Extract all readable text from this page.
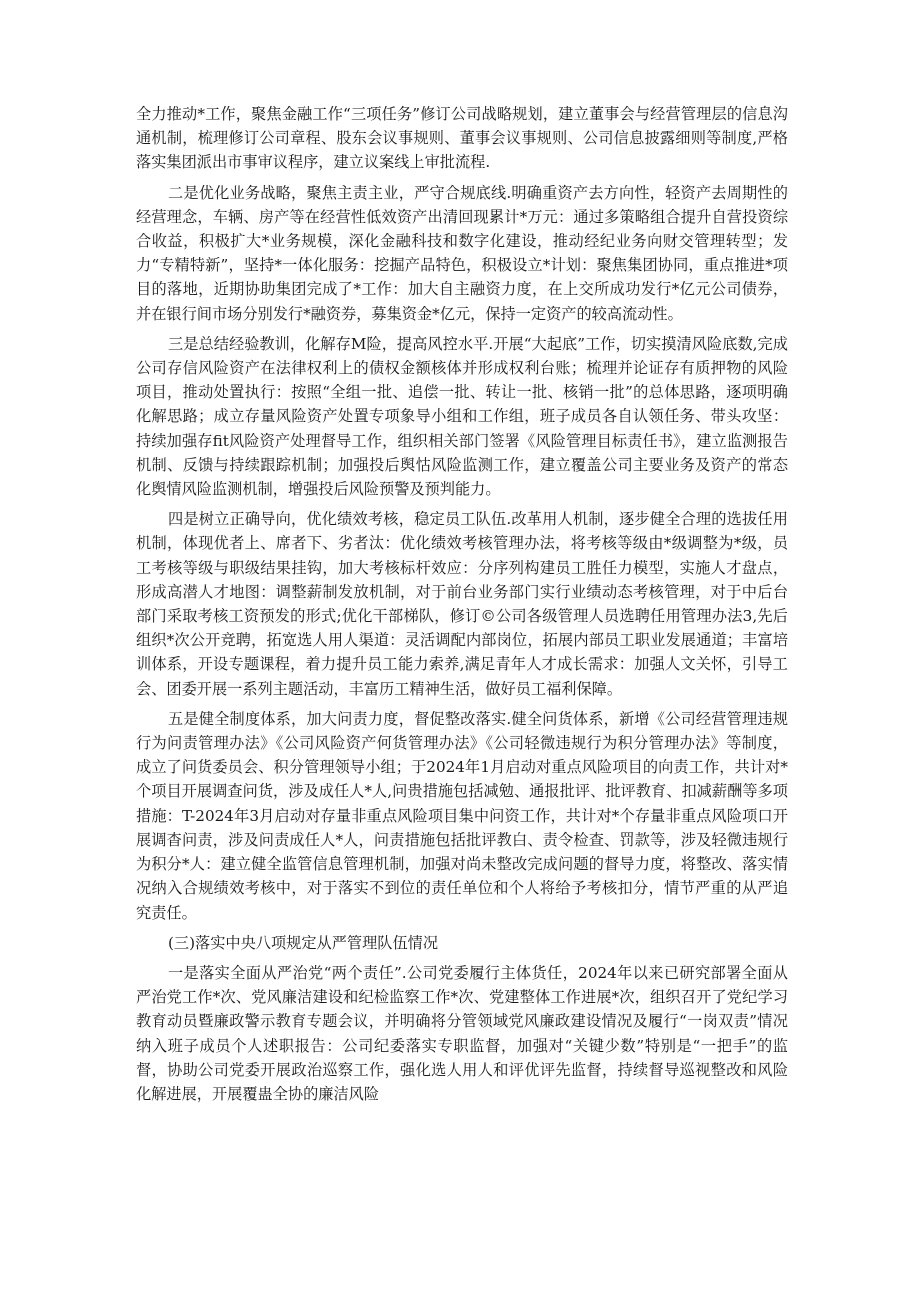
全力推动*工作，聚焦金融工作“三项任务”修订公司战略规划，建立董事会与经营管理层的信息沟通机制，梳理修订公司章程、股东会议事规则、董事会议事规则、公司信息披露细则等制度,严格落实集团派出市事审议程序，建立议案线上审批流程.

二是优化业务战略，聚焦主责主业，严守合规底线.明确重资产去方向性，轻资产去周期性的经营理念，车辆、房产等在经营性低效资产出清回现累计*万元：通过多策略组合提升自营投资综合收益，积极扩大*业务规模，深化金融科技和数字化建设，推动经纪业务向财交管理转型；发力“专精特新”，坚持*一体化服务：挖掘产品特色，积极设立*计划：聚焦集团协同，重点推进*项目的落地，近期协助集团完成了*工作：加大自主融资力度，在上交所成功发行*亿元公司债券，并在银行间市场分别发行*融资券，募集资金*亿元，保持一定资产的较高流动性。

三是总结经验教训，化解存M险，提高风控水平.开展“大起底”工作，切实摸清风险底数,完成公司存信风险资产在法律权利上的债权金额核体并形成权利台账；梳理并论证存有质押物的风险项目，推动处置执行：按照“全组一批、追偿一批、转让一批、核销一批”的总体思路，逐项明确化解思路；成立存量风险资产处置专项象导小组和工作组，班子成员各自认领任务、带头攻坚：持续加强存fit风险资产处理督导工作，组织相关部门签署《风险管理目标责任书》，建立监测报告机制、反馈与持续跟踪机制；加强投后舆怙风险监测工作，建立覆盖公司主要业务及资产的常态化舆情风险监测机制，增强投后风险预警及预判能力。

四是树立正确导向，优化绩效考核，稳定员工队伍.改革用人机制，逐步健全合理的选拔任用机制，体现优者上、席者下、劣者汰：优化绩效考核管理办法，将考核等级由*级调整为*级，员工考核等级与职级结果挂钩，加大考核标杆效应：分序列构建员工胜任力模型，实施人才盘点，形成高潜人才地图：调整薪制发放机制，对于前台业务部门实行业绩动态考核管理，对于中后台部门采取考核工资预发的形式;优化干部梯队，修订©公司各级管理人员选聘任用管理办法3,先后组织*次公开竞聘，拓宽选人用人渠道：灵活调配内部岗位，拓展内部员工职业发展通道；丰富培训体系，开设专题课程，着力提升员工能力索养,满足青年人才成长需求：加强人文关怀，引导工会、团委开展一系列主题活动，丰富历工精神生活，做好员工福利保障。

五是健全制度体系，加大问责力度，督促整改落实.健全问货体系，新增《公司经营管理违规行为问责管理办法》《公司风险资产何货管理办法》《公司轻微违规行为积分管理办法》等制度，成立了问货委员会、积分管理领导小组；于2024年1月启动对重点风险项目的向责工作，共计对*个项目开展调查问货，涉及成任人*人,问贵措施包括减勉、通报批评、批评教育、扣减薪酬等多项措施：T-2024年3月启动对存量非重点风险项目集中问资工作，共计对*个存量非重点风险项口开展调杳问责，涉及问责成任人*人，问责措施包括批评教白、责令检查、罚款等，涉及轻微违规行为积分*人：建立健全监管信息管理机制，加强对尚未整改完成问题的督导力度，将整改、落实情况纳入合规绩效考核中，对于落实不到位的责任单位和个人将给予考核扣分，情节严重的从严追究责任。

(三)落实中央八项规定从严管理队伍情况

一是落实全面从严治党“两个责任”.公司党委履行主体货任，2024年以来已研究部署全面从严治党工作*次、党风廉洁建设和纪检监察工作*次、党建整体工作进展*次，组织召开了党纪学习教育动员暨廉政警示教育专题会议，并明确将分管领域党风廉政建设情况及履行“一岗双责”情况纳入班子成员个人述职报告：公司纪委落实专职监督，加强对“关键少数”特别是“一把手”的监督，协助公司党委开展政治巡察工作，强化选人用人和评优评先监督，持续督导巡视整改和风险化解进展，开展覆蛊全协的廉洁风险
